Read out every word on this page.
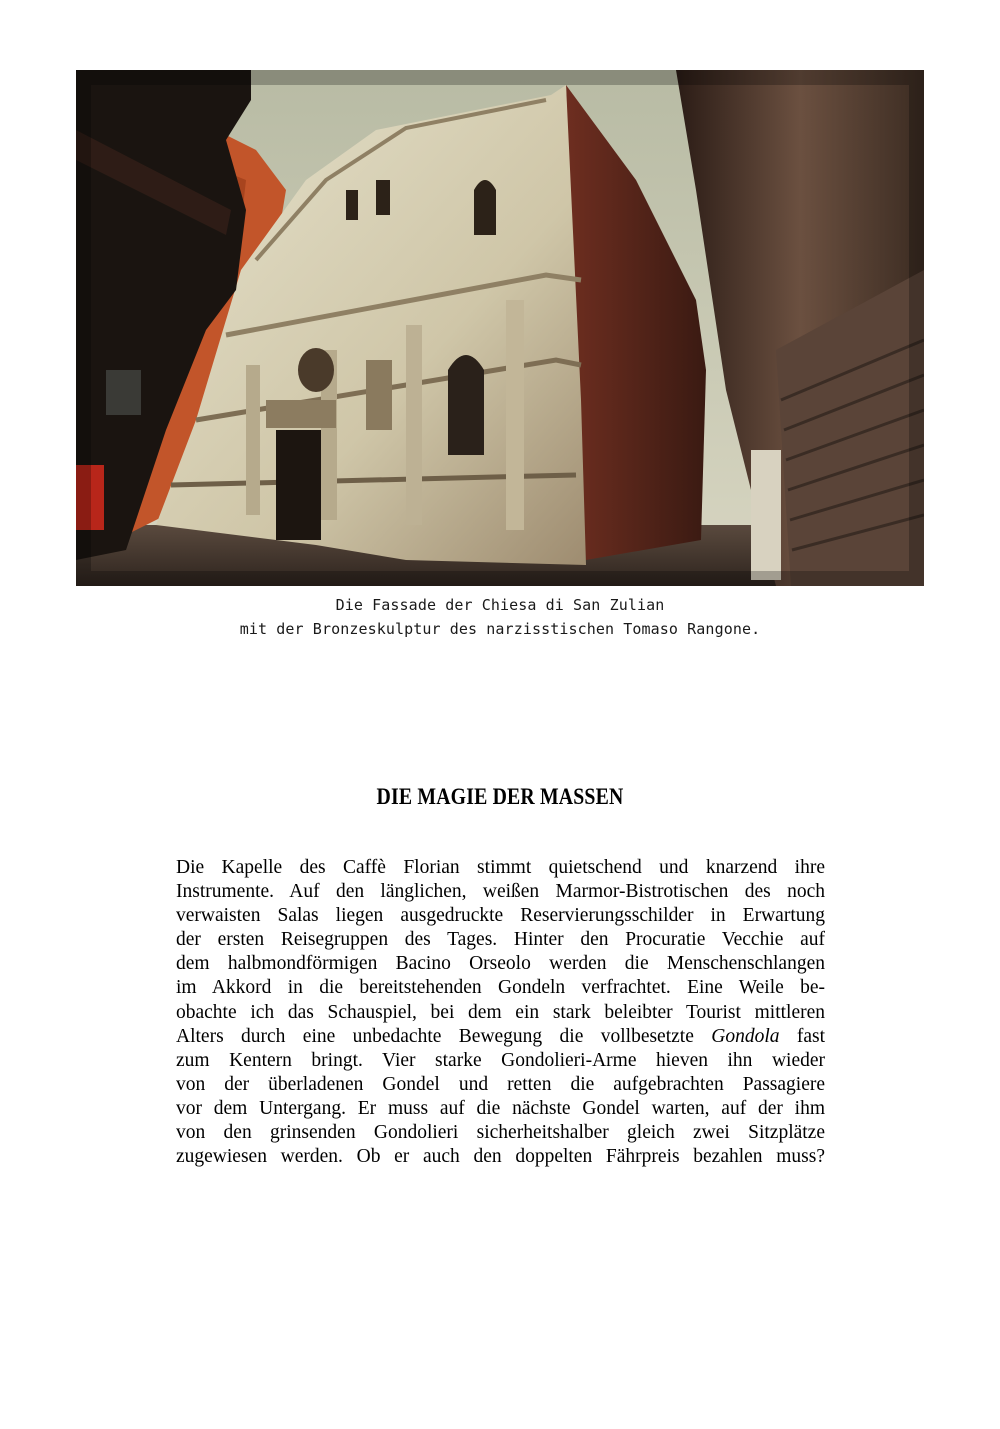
Die Fassade der Chiesa di San Zulian
mit der Bronzeskulptur des narzisstischen Tomaso Rangone.
DIE MAGIE DER MASSEN
Die Kapelle des Caffè Florian stimmt quietschend und knarzend ihre
Instrumente. Auf den länglichen, weißen Marmor-Bistrotischen des noch
verwaisten Salas liegen ausgedruckte Reservierungsschilder in Erwartung
der ersten Reisegruppen des Tages. Hinter den Procuratie Vecchie auf
dem halbmondförmigen Bacino Orseolo werden die Menschenschlangen
im Akkord in die bereitstehenden Gondeln verfrachtet. Eine Weile be-
obachte ich das Schauspiel, bei dem ein stark beleibter Tourist mittleren
Alters durch eine unbedachte Bewegung die vollbesetzte Gondola fast
zum Kentern bringt. Vier starke Gondolieri-Arme hieven ihn wieder
von der überladenen Gondel und retten die aufgebrachten Passagiere
vor dem Untergang. Er muss auf die nächste Gondel warten, auf der ihm
von den grinsenden Gondolieri sicherheitshalber gleich zwei Sitzplätze
zugewiesen werden. Ob er auch den doppelten Fährpreis bezahlen muss?
